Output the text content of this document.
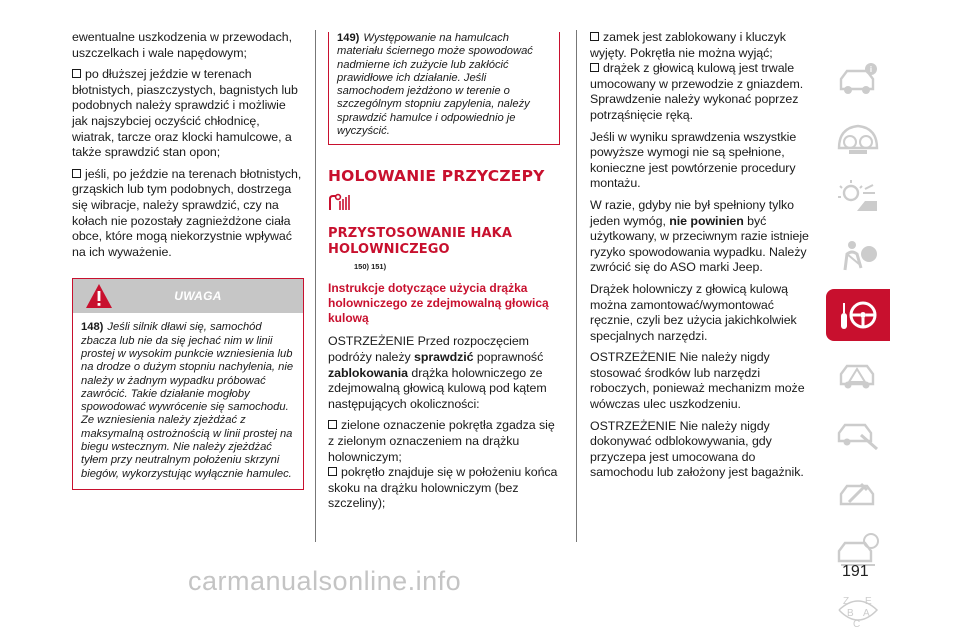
ewentualne uszkodzenia w przewodach, uszczelkach i wale napędowym;

po dłuższej jeździe w terenach błotnistych, piaszczystych, bagnistych lub podobnych należy sprawdzić i możliwie jak najszybciej oczyścić chłodnicę, wiatrak, tarcze oraz klocki hamulcowe, a także sprawdzić stan opon;

jeśli, po jeździe na terenach błotnistych, grząskich lub tym podobnych, dostrzega się wibracje, należy sprawdzić, czy na kołach nie pozostały zagnieżdżone ciała obce, które mogą niekorzystnie wpływać na ich wyważenie.

UWAGA
148) Jeśli silnik dławi się, samochód zbacza lub nie da się jechać nim w linii prostej w wysokim punkcie wzniesienia lub na drodze o dużym stopniu nachylenia, nie należy w żadnym wypadku próbować zawrócić. Takie działanie mogłoby spowodować wywrócenie się samochodu. Ze wzniesienia należy zjeżdżać z maksymalną ostrożnością w linii prostej na biegu wstecznym. Nie należy zjeżdżać tyłem przy neutralnym położeniu skrzyni biegów, wykorzystując wyłącznie hamulec.
149) Występowanie na hamulcach materiału ściernego może spowodować nadmierne ich zużycie lub zakłócić prawidłowe ich działanie. Jeśli samochodem jeżdżono w terenie o szczególnym stopniu zapylenia, należy sprawdzić hamulce i odpowiednio je wyczyścić.
HOLOWANIE PRZYCZEPY
PRZYSTOSOWANIE HAKA HOLOWNICZEGO
150) 151)
Instrukcje dotyczące użycia drążka holowniczego ze zdejmowalną głowicą kulową

OSTRZEŻENIE Przed rozpoczęciem podróży należy sprawdzić poprawność zablokowania drążka holowniczego ze zdejmowalną głowicą kulową pod kątem następujących okoliczności:

zielone oznaczenie pokrętła zgadza się z zielonym oznaczeniem na drążku holowniczym;

pokrętło znajduje się w położeniu końca skoku na drążku holowniczym (bez szczeliny);

zamek jest zablokowany i kluczyk wyjęty. Pokrętła nie można wyjąć;

drążek z głowicą kulową jest trwale umocowany w przewodzie z gniazdem. Sprawdzenie należy wykonać poprzez potrząśnięcie ręką.

Jeśli w wyniku sprawdzenia wszystkie powyższe wymogi nie są spełnione, konieczne jest powtórzenie procedury montażu.

W razie, gdyby nie był spełniony tylko jeden wymóg, nie powinien być użytkowany, w przeciwnym razie istnieje ryzyko spowodowania wypadku. Należy zwrócić się do ASO marki Jeep.

Drążek holowniczy z głowicą kulową można zamontować/wymontować ręcznie, czyli bez użycia jakichkolwiek specjalnych narzędzi.

OSTRZEŻENIE Nie należy nigdy stosować środków lub narzędzi roboczych, ponieważ mechanizm może wówczas ulec uszkodzeniu.

OSTRZEŻENIE Nie należy nigdy dokonywać odblokowywania, gdy przyczepa jest umocowana do samochodu lub założony jest bagażnik.

i
Z E
B A
C
191
carmanualsonline.info
